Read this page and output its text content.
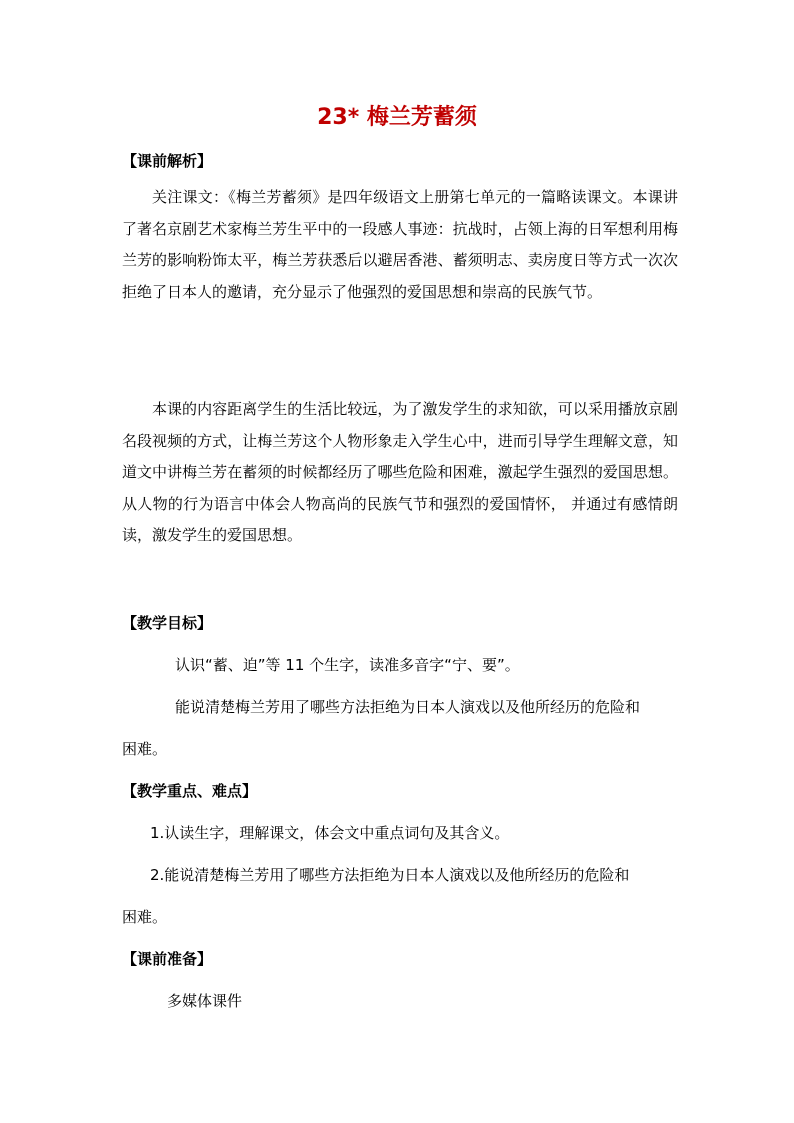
23* 梅兰芳蓄须
【课前解析】

关注课文：《梅兰芳蓄须》是四年级语文上册第七单元的一篇略读课文。本课讲了著名京剧艺术家梅兰芳生平中的一段感人事迹：抗战时，占领上海的日军想利用梅兰芳的影响粉饰太平，梅兰芳获悉后以避居香港、蓄须明志、卖房度日等方式一次次拒绝了日本人的邀请，充分显示了他强烈的爱国思想和崇高的民族气节。

本课的内容距离学生的生活比较远，为了激发学生的求知欲，可以采用播放京剧名段视频的方式，让梅兰芳这个人物形象走入学生心中，进而引导学生理解文意，知道文中讲梅兰芳在蓄须的时候都经历了哪些危险和困难，激起学生强烈的爱国思想。从人物的行为语言中体会人物高尚的民族气节和强烈的爱国情怀， 并通过有感情朗读，激发学生的爱国思想。

【教学目标】

认识“蓄、迫”等 11 个生字，读准多音字“宁、要”。

能说清楚梅兰芳用了哪些方法拒绝为日本人演戏以及他所经历的危险和

困难。

【教学重点、难点】

1.认读生字，理解课文，体会文中重点词句及其含义。

2.能说清楚梅兰芳用了哪些方法拒绝为日本人演戏以及他所经历的危险和

困难。

【课前准备】

多媒体课件
